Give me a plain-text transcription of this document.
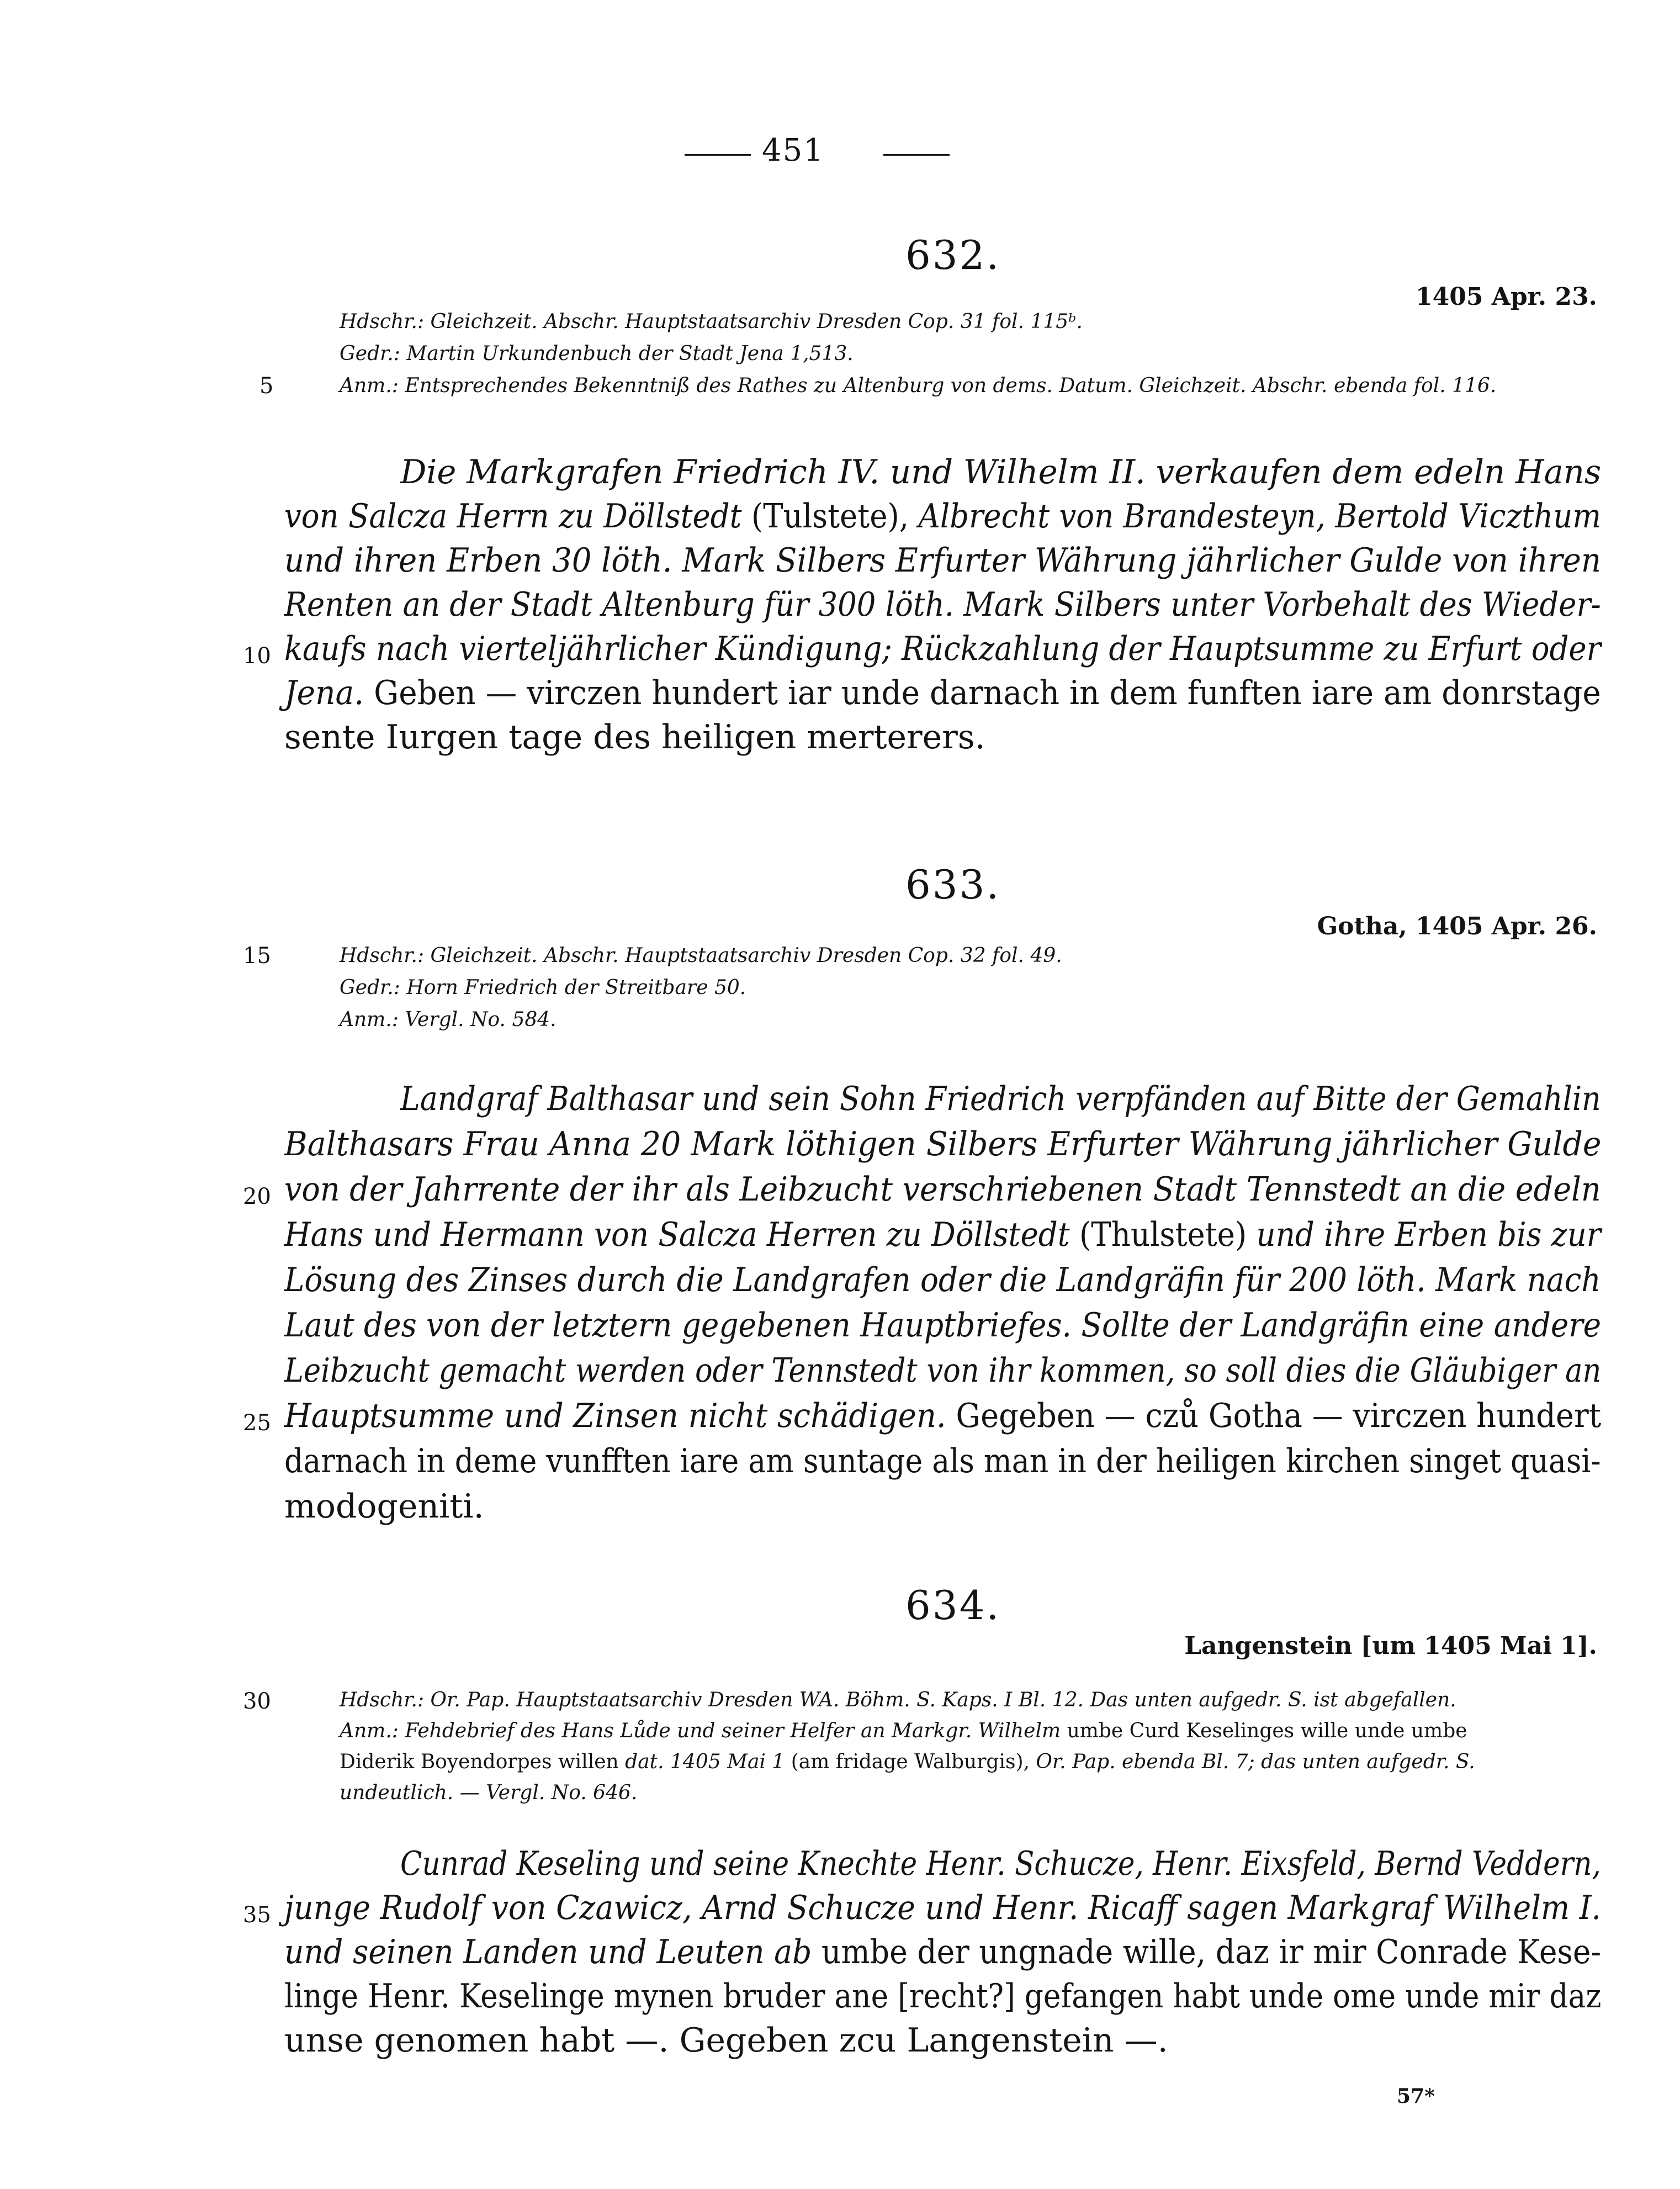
451
632.
1405 Apr. 23.
Hdschr.: Gleichzeit. Abschr. Hauptstaatsarchiv Dresden Cop. 31 fol. 115ᵇ.
Gedr.: Martin Urkundenbuch der Stadt Jena 1,513.
5	Anm.: Entsprechendes Bekenntniß des Rathes zu Altenburg von dems. Datum. Gleichzeit. Abschr. ebenda fol. 116.
Die Markgrafen Friedrich IV. und Wilhelm II. verkaufen dem edeln Hans
von Salcza Herrn zu Döllstedt (Tulstete), Albrecht von Brandesteyn, Bertold Viczthum
und ihren Erben 30 löth. Mark Silbers Erfurter Währung jährlicher Gulde von ihren
Renten an der Stadt Altenburg für 300 löth. Mark Silbers unter Vorbehalt des Wieder-
10 kaufs nach vierteljährlicher Kündigung; Rückzahlung der Hauptsumme zu Erfurt oder
Jena. Geben — virczen hundert iar unde darnach in dem funften iare am donrstage
sente Iurgen tage des heiligen merterers.
633.
Gotha, 1405 Apr. 26.
15	Hdschr.: Gleichzeit. Abschr. Hauptstaatsarchiv Dresden Cop. 32 fol. 49.
Gedr.: Horn Friedrich der Streitbare 50.
Anm.: Vergl. No. 584.
Landgraf Balthasar und sein Sohn Friedrich verpfänden auf Bitte der Gemahlin
Balthasars Frau Anna 20 Mark löthigen Silbers Erfurter Währung jährlicher Gulde
20 von der Jahrrente der ihr als Leibzucht verschriebenen Stadt Tennstedt an die edeln
Hans und Hermann von Salcza Herren zu Döllstedt (Thulstete) und ihre Erben bis zur
Lösung des Zinses durch die Landgrafen oder die Landgräfin für 200 löth. Mark nach
Laut des von der letztern gegebenen Hauptbriefes. Sollte der Landgräfin eine andere
Leibzucht gemacht werden oder Tennstedt von ihr kommen, so soll dies die Gläubiger an
25 Hauptsumme und Zinsen nicht schädigen. Gegeben — czů Gotha — virczen hundert
darnach in deme vunfften iare am suntage als man in der heiligen kirchen singet quasi-
modogeniti.
634.
Langenstein [um 1405 Mai 1].
30	Hdschr.: Or. Pap. Hauptstaatsarchiv Dresden WA. Böhm. S. Kaps. I Bl. 12. Das unten aufgedr. S. ist abgefallen.
Anm.: Fehdebrief des Hans Lůde und seiner Helfer an Markgr. Wilhelm umbe Curd Keselinges wille unde umbe
Diderik Boyendorpes willen dat. 1405 Mai 1 (am fridage Walburgis), Or. Pap. ebenda Bl. 7; das unten aufgedr. S.
undeutlich. — Vergl. No. 646.
Cunrad Keseling und seine Knechte Henr. Schucze, Henr. Eixsfeld, Bernd Veddern,
35 junge Rudolf von Czawicz, Arnd Schucze und Henr. Ricaff sagen Markgraf Wilhelm I.
und seinen Landen und Leuten ab umbe der ungnade wille, daz ir mir Conrade Kese-
linge Henr. Keselinge mynen bruder ane [recht?] gefangen habt unde ome unde mir daz
unse genomen habt —. Gegeben zcu Langenstein —.
57*
